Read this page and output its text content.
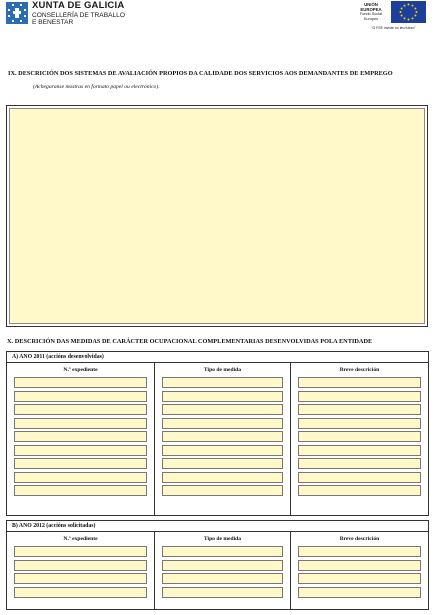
XUNTA DE GALICIA
CONSELLERÍA DE TRABALLO
E BENESTAR
UNIÓN
EUROPEA
Fondo Social
Europeo
"O FSE inviste no teu futuro"
IX. DESCRICIÓN DOS SISTEMAS DE AVALIACIÓN PROPIOS DA CALIDADE DOS SERVICIOS AOS DEMANDANTES DE EMPREGO
(Achegaranse mostras en formato papel ou electrónico).
X. DESCRICIÓN DAS MEDIDAS DE CARÁCTER OCUPACIONAL COMPLEMENTARIAS DESENVOLVIDAS POLA ENTIDADE
A) ANO 2011 (accións desenvolvidas)
N.º expediente	Tipo de medida	Breve descrición
B) ANO 2012 (accións solicitadas)
N.º expediente	Tipo de medida	Breve descrición
